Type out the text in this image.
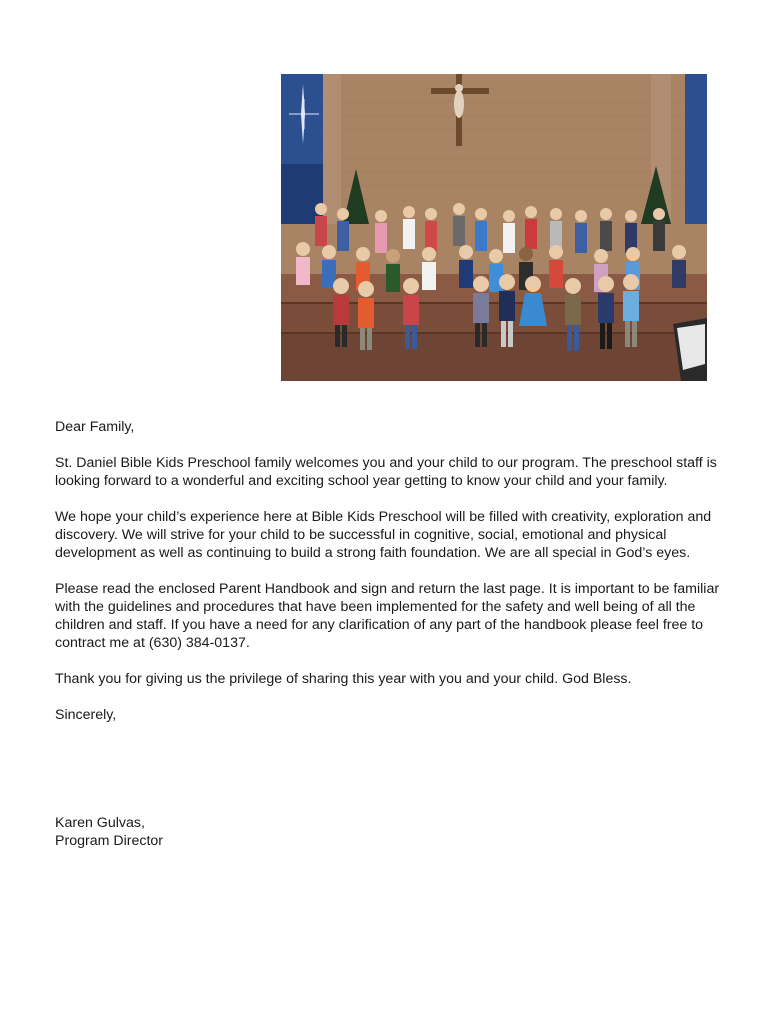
Dear Family,

St. Daniel Bible Kids Preschool family welcomes you and your child to our program. The preschool staff is looking forward to a wonderful and exciting school year getting to know your child and your family.

We hope your child’s experience here at Bible Kids Preschool will be filled with creativity, exploration and discovery. We will strive for your child to be successful in cognitive, social, emotional and physical development as well as continuing to build a strong faith foundation. We are all special in God’s eyes.

Please read the enclosed Parent Handbook and sign and return the last page. It is important to be familiar with the guidelines and procedures that have been implemented for the safety and well being of all the children and staff. If you have a need for any clarification of any part of the handbook please feel free to contract me at (630) 384-0137.

Thank you for giving us the privilege of sharing this year with you and your child. God Bless.

Sincerely,

Karen Gulvas,

Program Director
